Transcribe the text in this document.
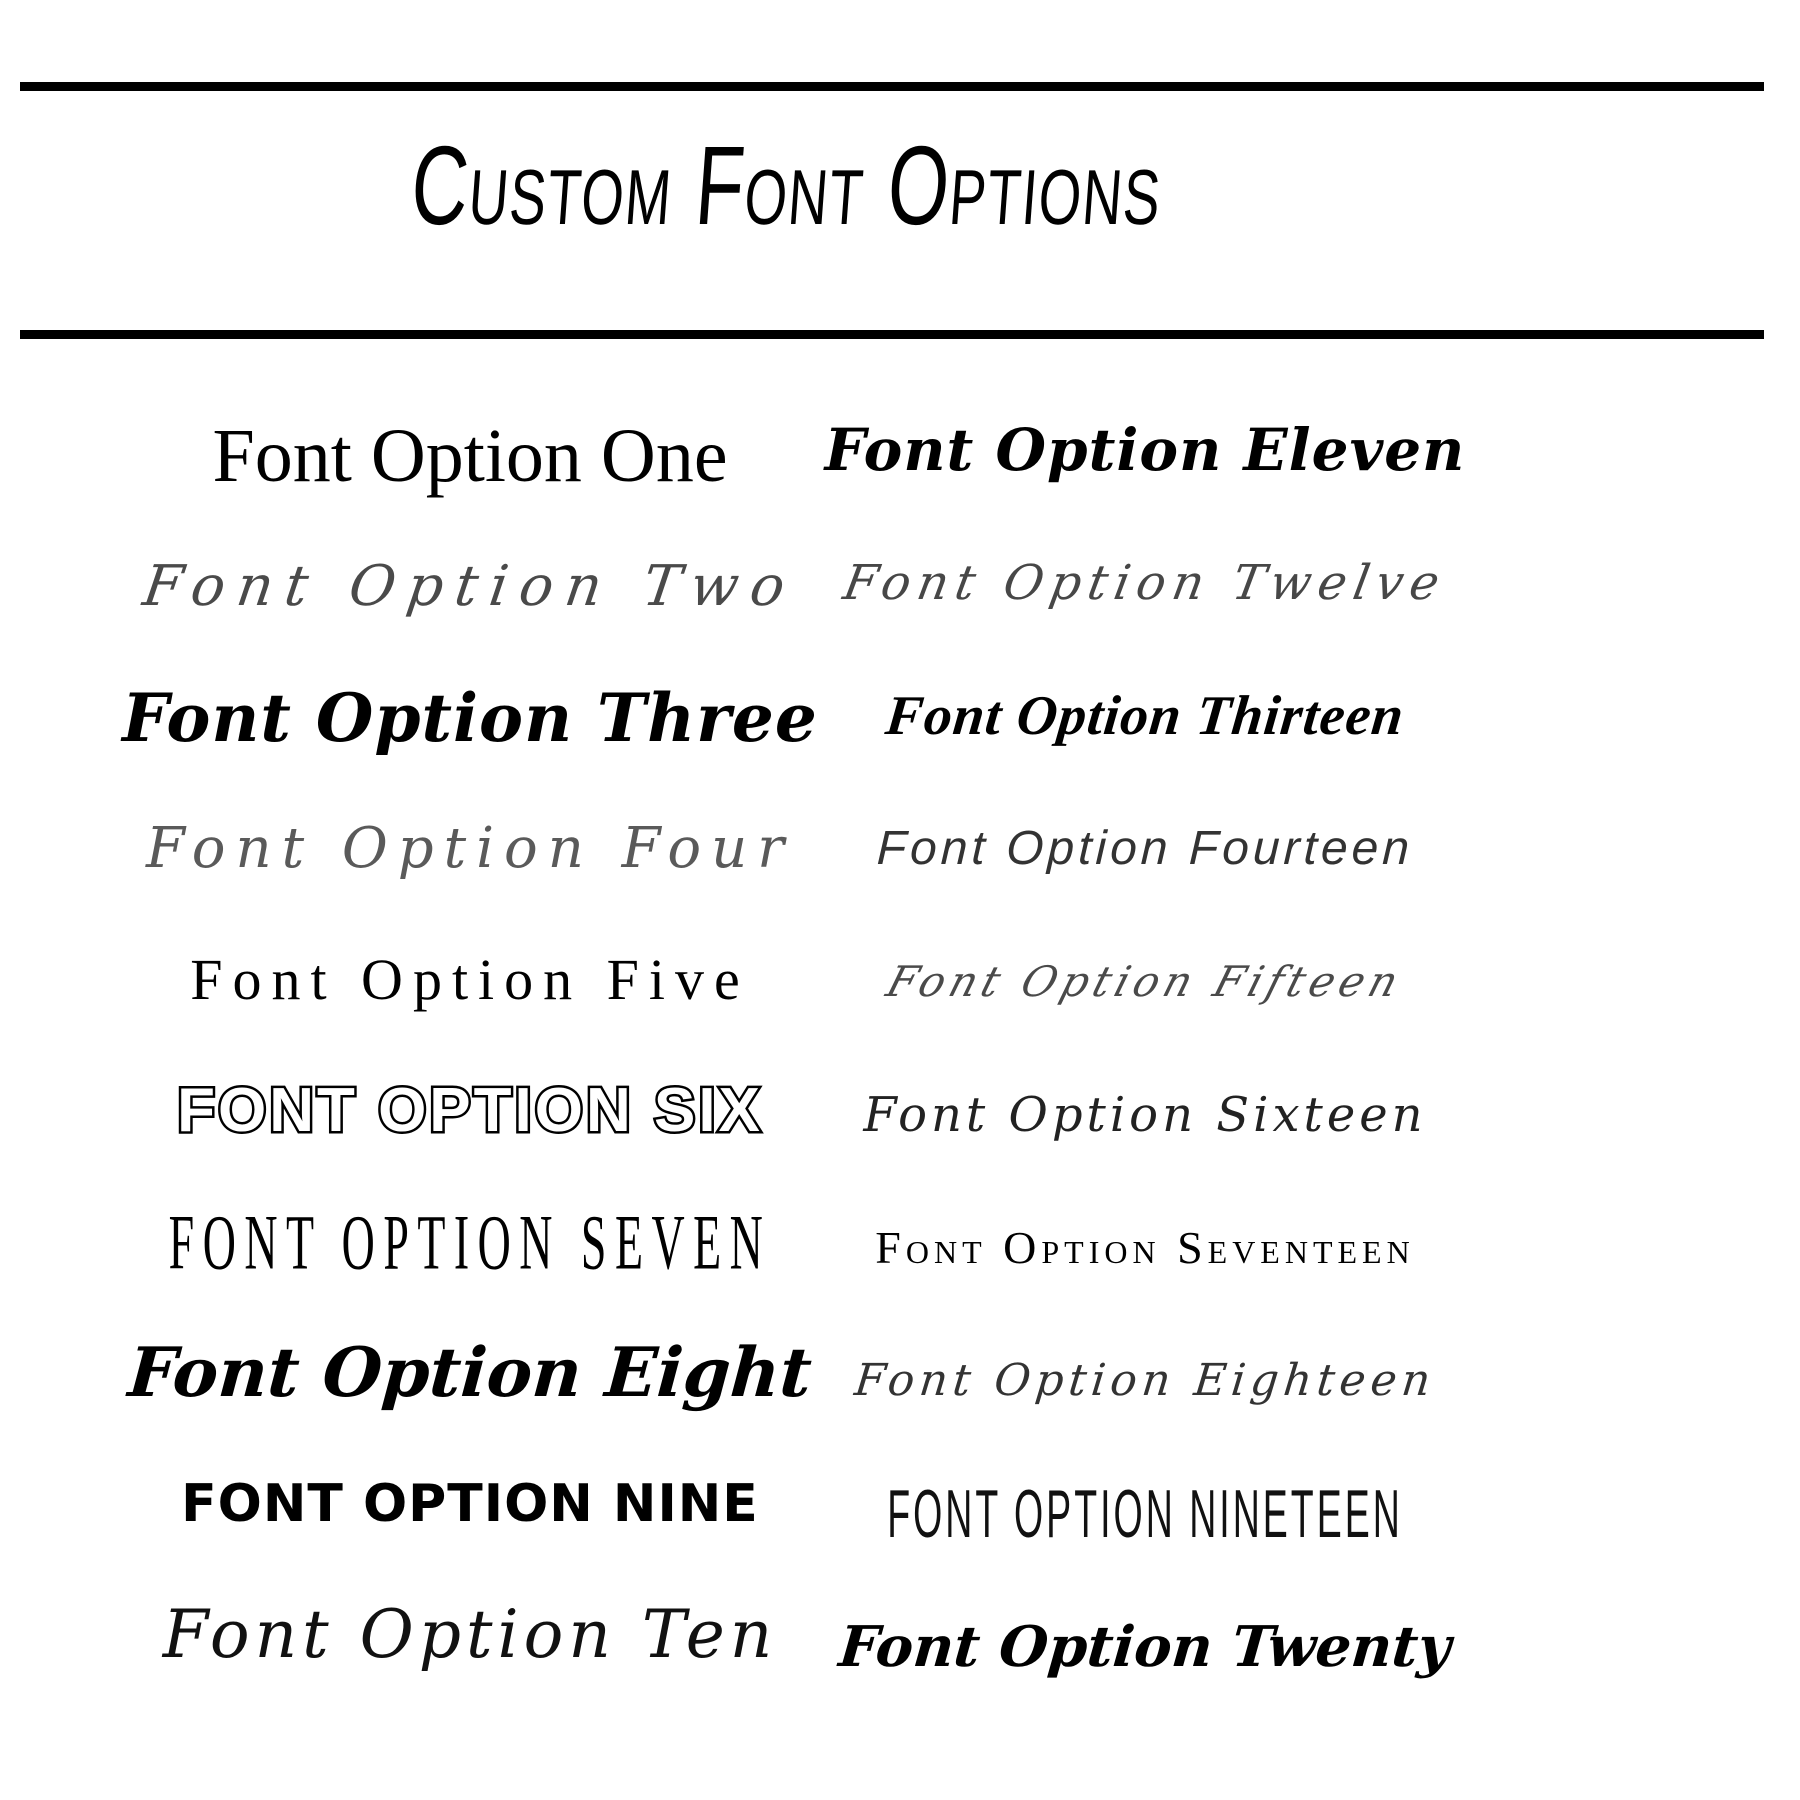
Custom Font Options
Font Option One
Font Option Two
Font Option Three
Font Option Four
Font Option Five
FONT OPTION SIX
FONT OPTION SEVEN
Font Option Eight
FONT OPTION NINE
Font Option Ten
Font Option Eleven
Font Option Twelve
Font Option Thirteen
Font Option Fourteen
Font Option Fifteen
Font Option Sixteen
Font Option Seventeen
Font Option Eighteen
FONT OPTION NINETEEN
Font Option Twenty
